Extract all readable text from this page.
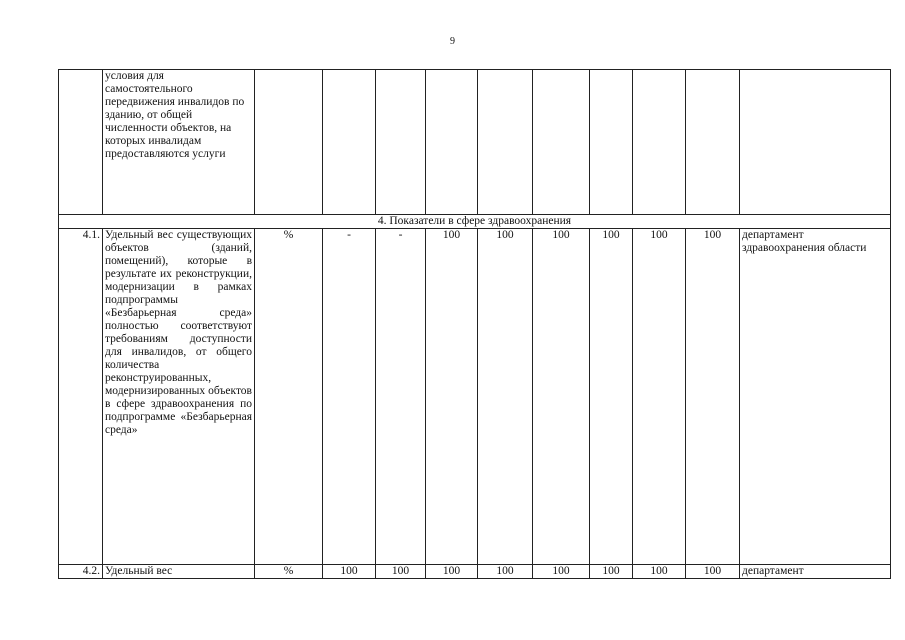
9
	условия для самостоятельного передвижения инвалидов по зданию, от общей численности объектов, на которых инвалидам предоставляются услуги										
4. Показатели в сфере здравоохранения											
4.1.	Удельный вес существующих объектов (зданий, помещений), которые в результате их реконструкции, модернизации в рамках подпрограммы «Безбарьерная среда» полностью соответствуют требованиям доступности для инвалидов, от общего количества реконструированных, модернизированных объектов в сфере здравоохранения по подпрограмме «Безбарьерная среда»	%	-	-	100	100	100	100	100	100	департамент здравоохранения области
4.2.	Удельный вес	%	100	100	100	100	100	100	100	100	департамент
